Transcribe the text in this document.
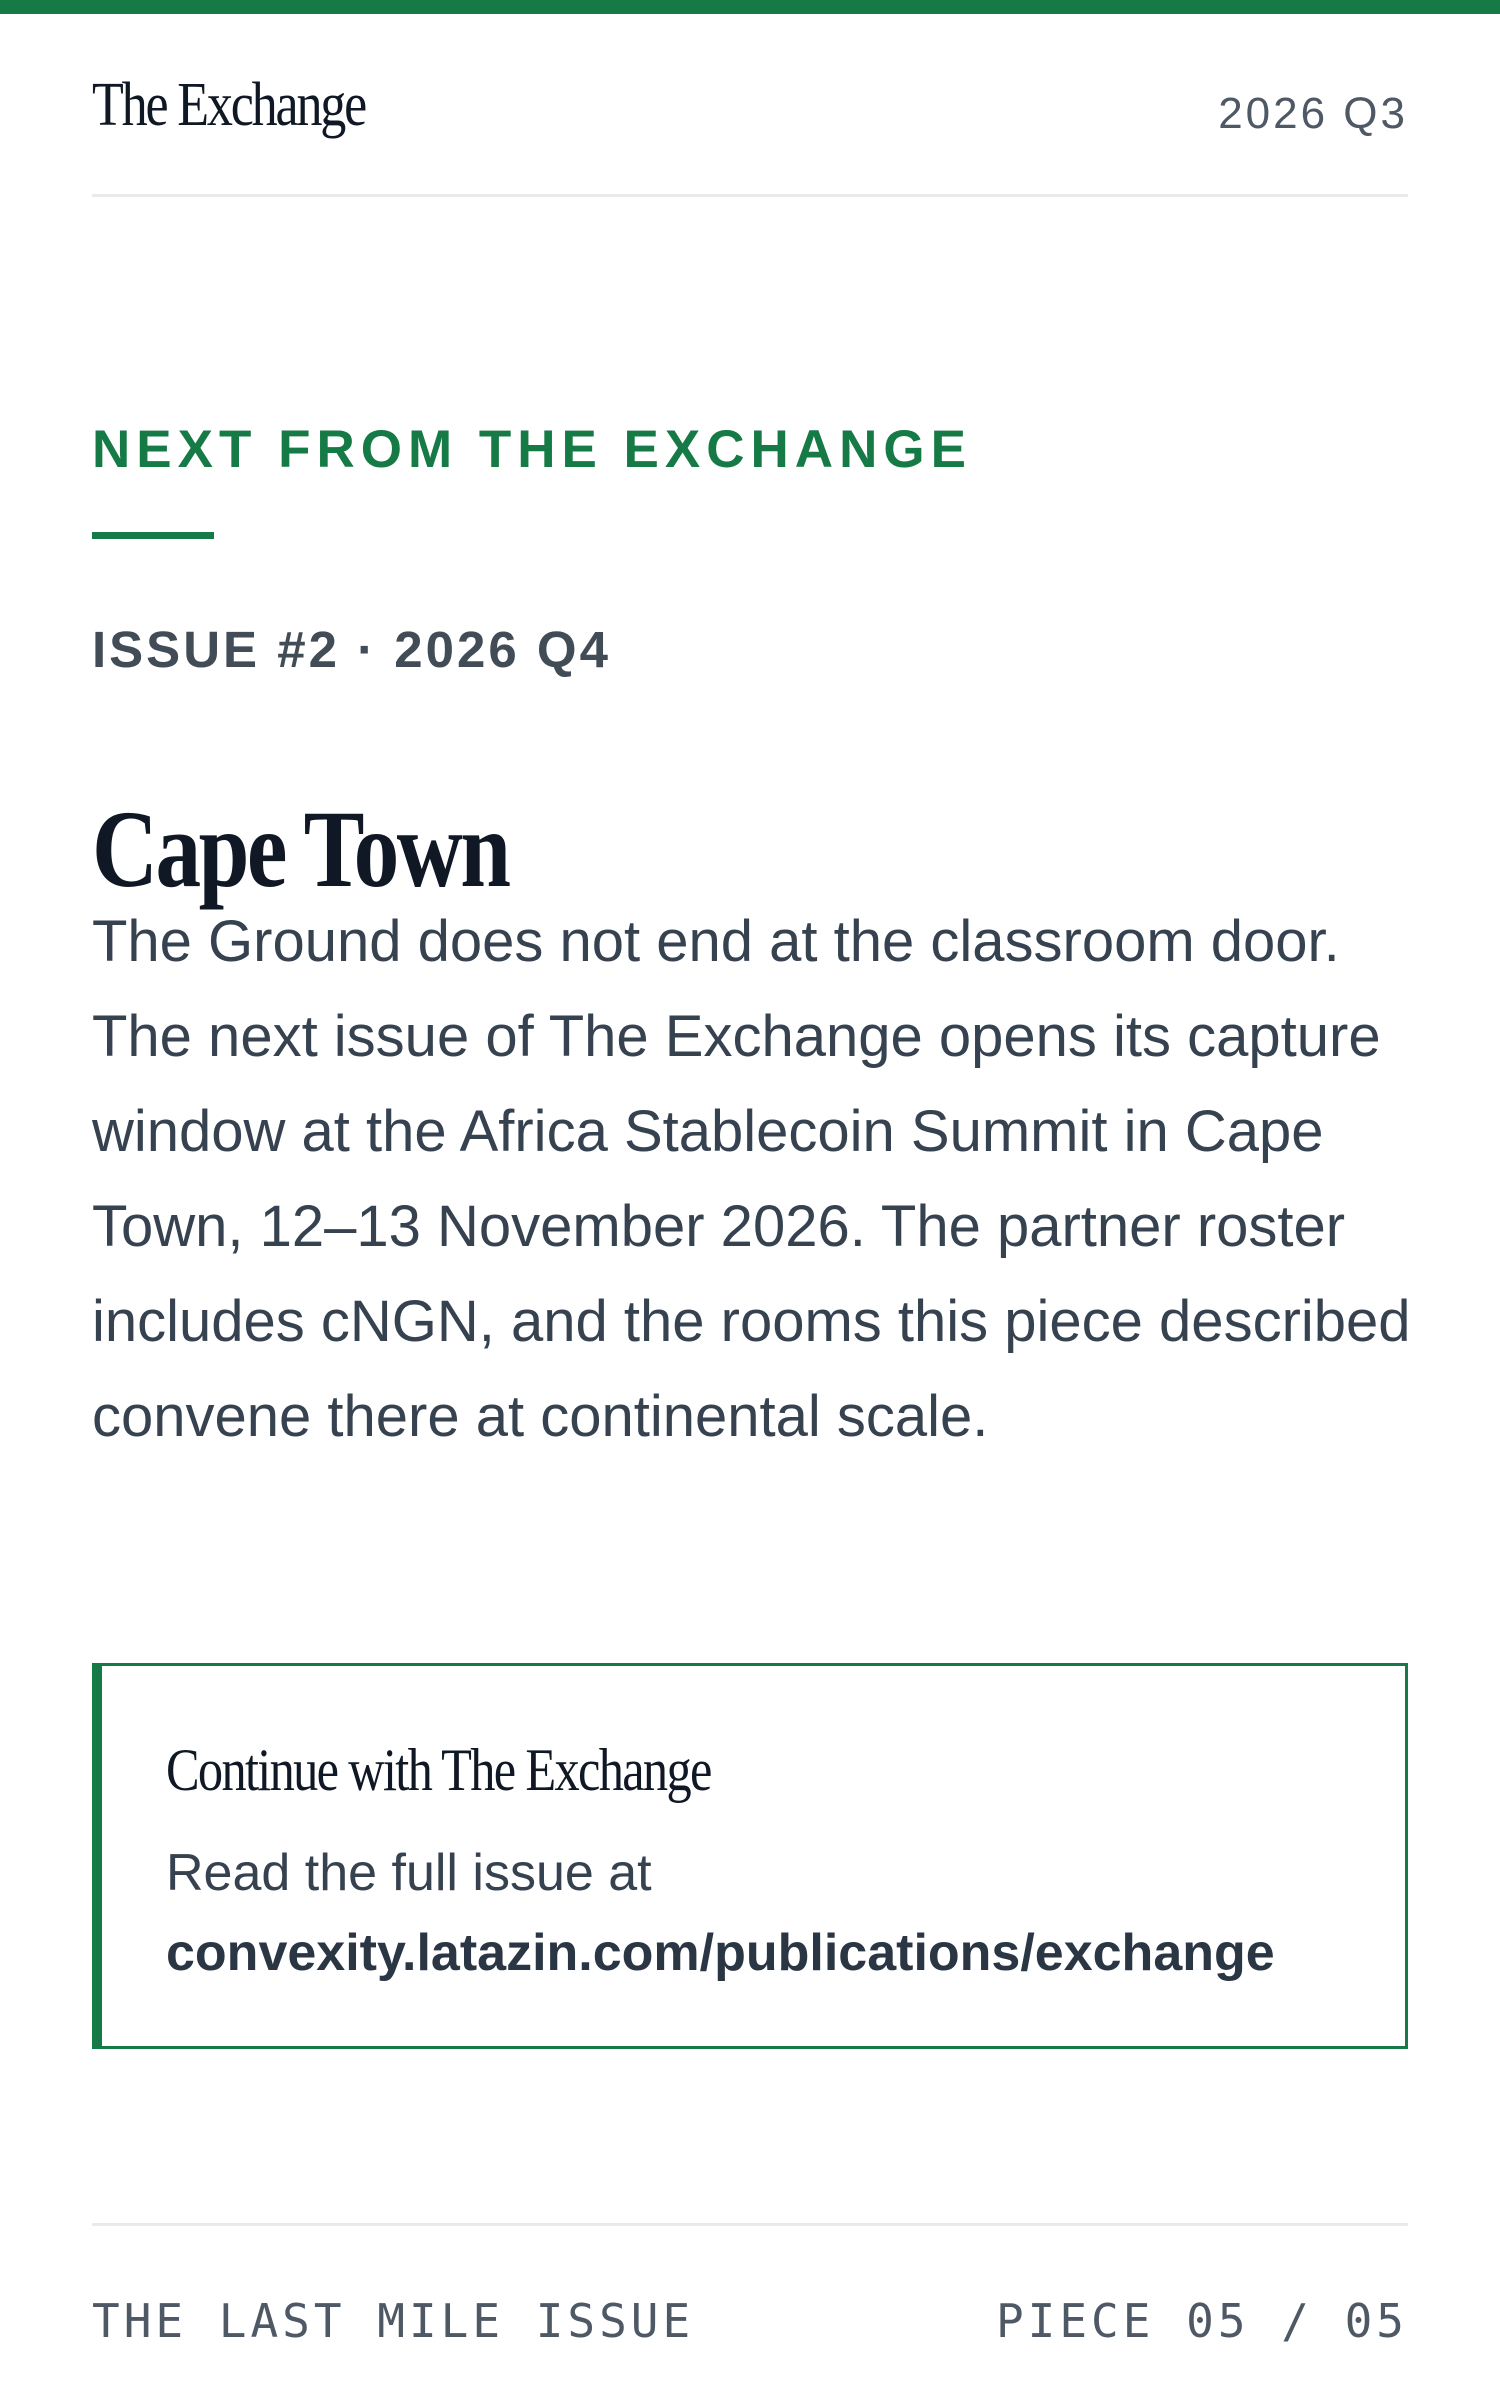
The Exchange	2026 Q3
NEXT FROM THE EXCHANGE
ISSUE #2 · 2026 Q4
Cape Town

The Ground does not end at the classroom door. The next issue of The Exchange opens its capture window at the Africa Stablecoin Summit in Cape Town, 12–13 November 2026. The partner roster includes cNGN, and the rooms this piece described convene there at continental scale.

Continue with The Exchange
Read the full issue at
convexity.latazin.com/publications/exchange
THE LAST MILE ISSUE	PIECE 05 / 05
